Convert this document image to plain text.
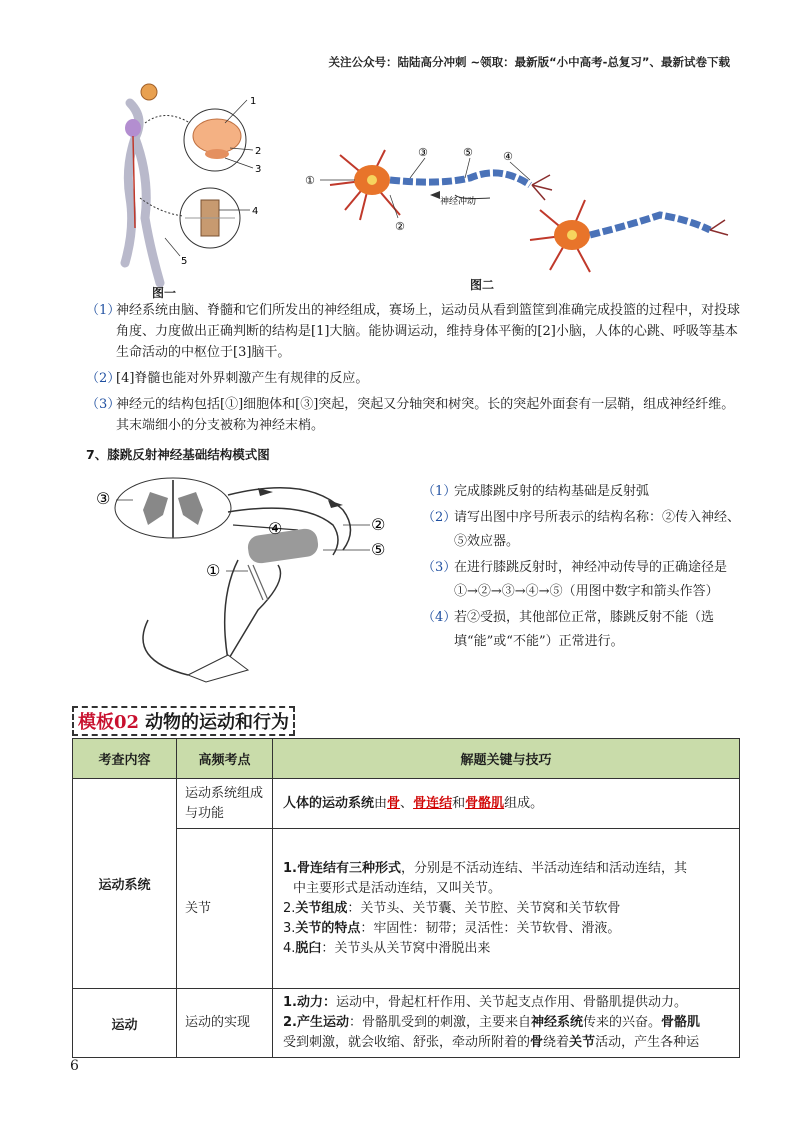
关注公众号：陆陆高分冲刺 ~领取：最新版“小中高考-总复习”、最新试卷下载
1
2
3
4
5
图一
神经冲动
①
②
③	⑤	④
图二
（1）
神经系统由脑、脊髓和它们所发出的神经组成，赛场上，运动员从看到篮筐到准确完成投篮的过程中，对投球角度、力度做出正确判断的结构是[1]大脑。能协调运动，维持身体平衡的[2]小脑，人体的心跳、呼吸等基本生命活动的中枢位于[3]脑干。
（2）
[4]脊髓也能对外界刺激产生有规律的反应。
（3）
神经元的结构包括[①]细胞体和[③]突起，突起又分轴突和树突。长的突起外面套有一层鞘，组成神经纤维。其末端细小的分支被称为神经末梢。
7、膝跳反射神经基础结构模式图
③
②
④
⑤
①
（1）
完成膝跳反射的结构基础是反射弧
（2）
请写出图中序号所表示的结构名称：②传入神经、⑤效应器。
（3）
在进行膝跳反射时，神经冲动传导的正确途径是①→②→③→④→⑤（用图中数字和箭头作答）
（4）
若②受损，其他部位正常，膝跳反射不能（选填“能”或“不能”）正常进行。
模板02 动物的运动和行为
考查内容	高频考点	解题关键与技巧
运动系统	运动系统组成与功能	人体的运动系统由骨、骨连结和骨骼肌组成。
	关节	1.骨连结有三种形式，分别是不活动连结、半活动连结和活动连结，其
中主要形式是活动连结，又叫关节。
2.关节组成：关节头、关节囊、关节腔、关节窝和关节软骨
3.关节的特点：牢固性：韧带；灵活性：关节软骨、滑液。
4.脱臼：关节头从关节窝中滑脱出来

运动	运动的实现	1.动力：运动中，骨起杠杆作用、关节起支点作用、骨骼肌提供动力。
2.产生运动：骨骼肌受到的刺激，主要来自神经系统传来的兴奋。骨骼肌
受到刺激，就会收缩、舒张，牵动所附着的骨绕着关节活动，产生各种运
6
